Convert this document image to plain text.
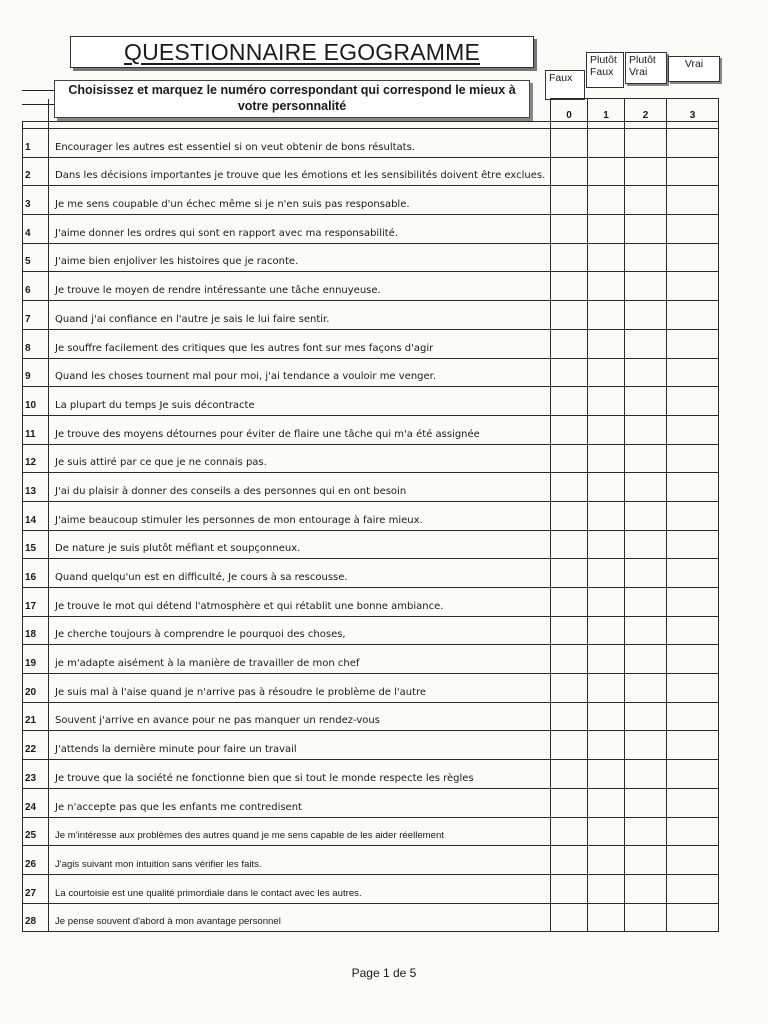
QUESTIONNAIRE EGOGRAMME
Faux
Plutôt Faux
Plutôt Vrai
Vrai
		0	1	2	3

1	Encourager les autres est essentiel si on veut obtenir de bons résultats.				
2	Dans les décisions importantes je trouve que les émotions et les sensibilités doivent être exclues.				
3	Je me sens coupable d'un échec même si je n'en suis pas responsable.				
4	J'aime donner les ordres qui sont en rapport avec ma responsabilité.				
5	J'aime bien enjoliver les histoires que je raconte.				
6	Je trouve le moyen de rendre intéressante une tâche ennuyeuse.				
7	Quand j'ai confiance en l'autre je sais le lui faire sentir.				
8	Je souffre facilement des critiques que les autres font sur mes façons d'agir				
9	Quand les choses tournent mal pour moi, j'ai tendance a vouloir me venger.				
10	La plupart du temps Je suis décontracte				
11	Je trouve des moyens détournes pour éviter de flaire une tâche qui m'a été assignée				
12	Je suis attiré par ce que je ne connais pas.				
13	J'ai du plaisir à donner des conseils a des personnes qui en ont besoin				
14	J'aime beaucoup stimuler les personnes de mon entourage à faire mieux.				
15	De nature je suis plutôt méfiant et soupçonneux.				
16	Quand quelqu'un est en difficulté, Je cours à sa rescousse.				
17	Je trouve le mot qui détend l'atmosphère et qui rétablit une bonne ambiance.				
18	Je cherche toujours à comprendre le pourquoi des choses,				
19	je m'adapte aisément à la manière de travailler de mon chef				
20	Je suis mal à l'aise quand je n'arrive pas à résoudre le problème de l'autre				
21	Souvent j'arrive en avance pour ne pas manquer un rendez-vous				
22	J'attends la dernière minute pour faire un travail				
23	Je trouve que la société ne fonctionne bien que si tout le monde respecte les règles				
24	Je n'accepte pas que les enfants me contredisent				
25	Je m'intéresse aux problèmes des autres quand je me sens capable de les aider réellement				
26	J'agis suivant mon intuition sans vérifier les faits.				
27	La courtoisie est une qualité primordiale dans le contact avec les autres.				
28	Je pense souvent d'abord à mon avantage personnel				
Choisissez et marquez le numéro correspondant qui correspond le mieux à votre personnalité
Page 1 de 5
